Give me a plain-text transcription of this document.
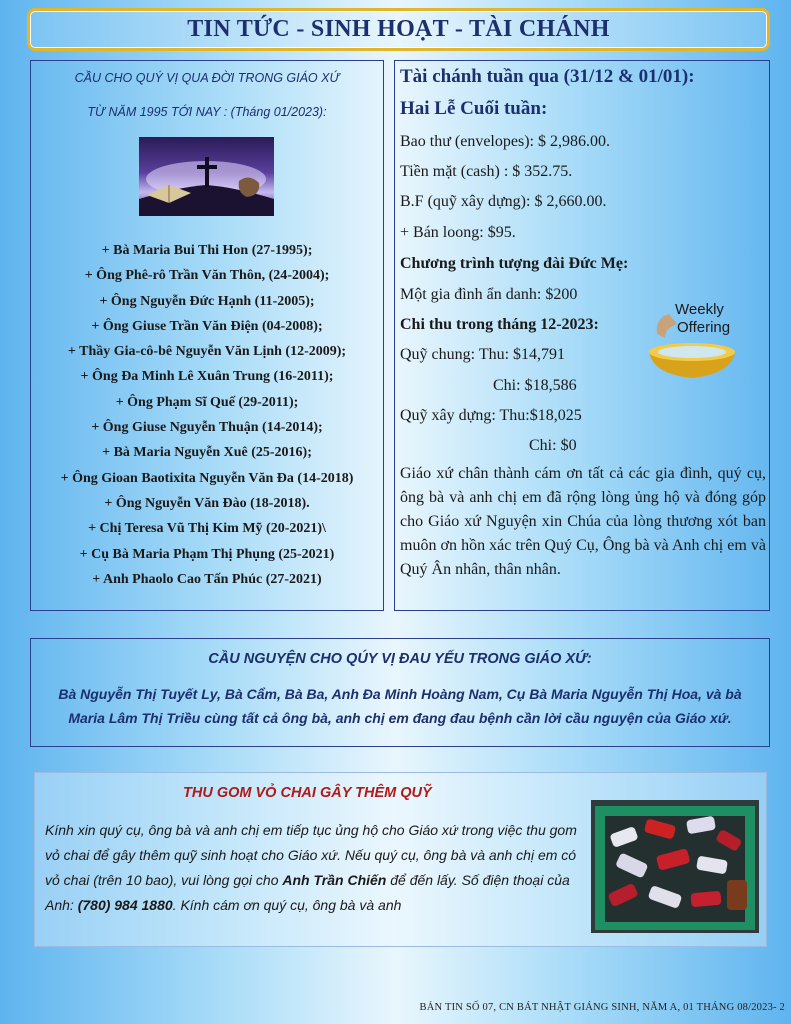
TIN TỨC - SINH HOẠT - TÀI CHÁNH

CẦU CHO QUÝ VỊ QUA ĐỜI TRONG GIÁO XỨ

TỪ NĂM 1995 TỚI NAY : (Tháng 01/2023):

+ Bà Maria Bui Thi Hon (27-1995);
+ Ông Phê-rô Trần Văn Thôn, (24-2004);
+ Ông Nguyễn Đức Hạnh (11-2005);
+ Ông Giuse Trần Văn Điện (04-2008);
+ Thầy Gia-cô-bê Nguyễn Văn Lịnh (12-2009);
+ Ông Đa Minh Lê Xuân Trung (16-2011);
+ Ông Phạm Sĩ Quế (29-2011);
+ Ông Giuse Nguyễn Thuận (14-2014);
+ Bà Maria Nguyễn Xuê (25-2016);
+ Ông Gioan Baotixita Nguyễn Văn Đa (14-2018)
+ Ông Nguyễn Văn Đào (18-2018).
+ Chị Teresa Vũ Thị Kim Mỹ (20-2021)\
+ Cụ Bà Maria Phạm Thị Phụng (25-2021)
+ Anh Phaolo Cao Tấn Phúc (27-2021)
Tài chánh tuần qua (31/12 & 01/01):
Hai Lễ Cuối tuần:
Bao thư (envelopes): $ 2,986.00.
Tiền mặt (cash) : $ 352.75.
B.F (quỹ xây dựng): $ 2,660.00.
+ Bán loong: $95.
Chương trình tượng đài Đức Mẹ:
Một gia đình ẩn danh: $200
Chi thu trong tháng 12-2023:
Quỹ chung: Thu: $14,791
Chi: $18,586
Quỹ xây dựng: Thu:$18,025
Chi: $0
Weekly
Offering
Giáo xứ chân thành cám ơn tất cả các gia đình, quý cụ, ông bà và anh chị em đã rộng lòng ủng hộ và đóng góp cho Giáo xứ Nguyện xin Chúa của lòng thương xót ban muôn ơn hồn xác trên Quý Cụ, Ông bà và Anh chị em và Quý Ân nhân, thân nhân.
CẦU NGUYỆN CHO QÚY VỊ ĐAU YẾU TRONG GIÁO XỨ:
Bà Nguyễn Thị Tuyết Ly, Bà Cẩm, Bà Ba, Anh Đa Minh Hoàng Nam, Cụ Bà Maria Nguyễn Thị Hoa, và bà Maria Lâm Thị Triều cùng tất cả ông bà, anh chị em đang đau bệnh cần lời cầu nguyện của Giáo xứ.
THU GOM VỎ CHAI GÂY THÊM QUỸ
Kính xin quý cụ, ông bà và anh chị em tiếp tục ủng hộ cho Giáo xứ trong việc thu gom vỏ chai để gây thêm quỹ sinh hoạt cho Giáo xứ. Nếu quý cụ, ông bà và anh chị em có vỏ chai (trên 10 bao), vui lòng gọi cho Anh Trần Chiến để đến lấy. Số điện thoại của Anh: (780) 984 1880. Kính cám ơn quý cụ, ông bà và anh
BẢN TIN SỐ 07, CN BÁT NHẬT GIÁNG SINH, NĂM A, 01 THÁNG 08/2023- 2
